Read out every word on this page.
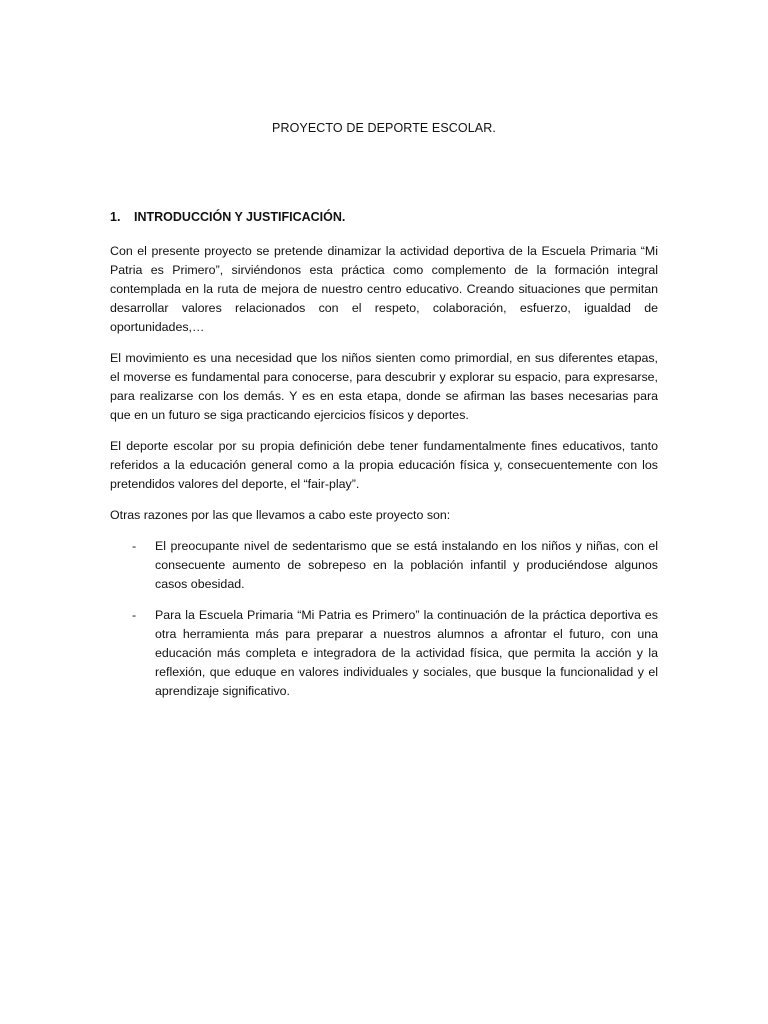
PROYECTO DE DEPORTE ESCOLAR.
1.	INTRODUCCIÓN Y JUSTIFICACIÓN.

Con el presente proyecto se pretende dinamizar la actividad deportiva de la Escuela Primaria “Mi Patria es Primero”, sirviéndonos esta práctica como complemento de la formación integral contemplada en la ruta de mejora de nuestro centro educativo. Creando situaciones que permitan desarrollar valores relacionados con el respeto, colaboración, esfuerzo, igualdad de oportunidades,…

El movimiento es una necesidad que los niños sienten como primordial, en sus diferentes etapas, el moverse es fundamental para conocerse, para descubrir y explorar su espacio, para expresarse, para realizarse con los demás. Y es en esta etapa, donde se afirman las bases necesarias para que en un futuro se siga practicando ejercicios físicos y deportes.

El deporte escolar por su propia definición debe tener fundamentalmente fines educativos, tanto referidos a la educación general como a la propia educación física y, consecuentemente con los pretendidos valores del deporte, el “fair-play”.

Otras razones por las que llevamos a cabo este proyecto son:

-	El preocupante nivel de sedentarismo que se está instalando en los niños y niñas, con el consecuente aumento de sobrepeso en la población infantil y produciéndose algunos casos obesidad.
-	Para la Escuela Primaria “Mi Patria es Primero” la continuación de la práctica deportiva es otra herramienta más para preparar a nuestros alumnos a afrontar el futuro, con una educación más completa e integradora de la actividad física, que permita la acción y la reflexión, que eduque en valores individuales y sociales, que busque la funcionalidad y el aprendizaje significativo.
